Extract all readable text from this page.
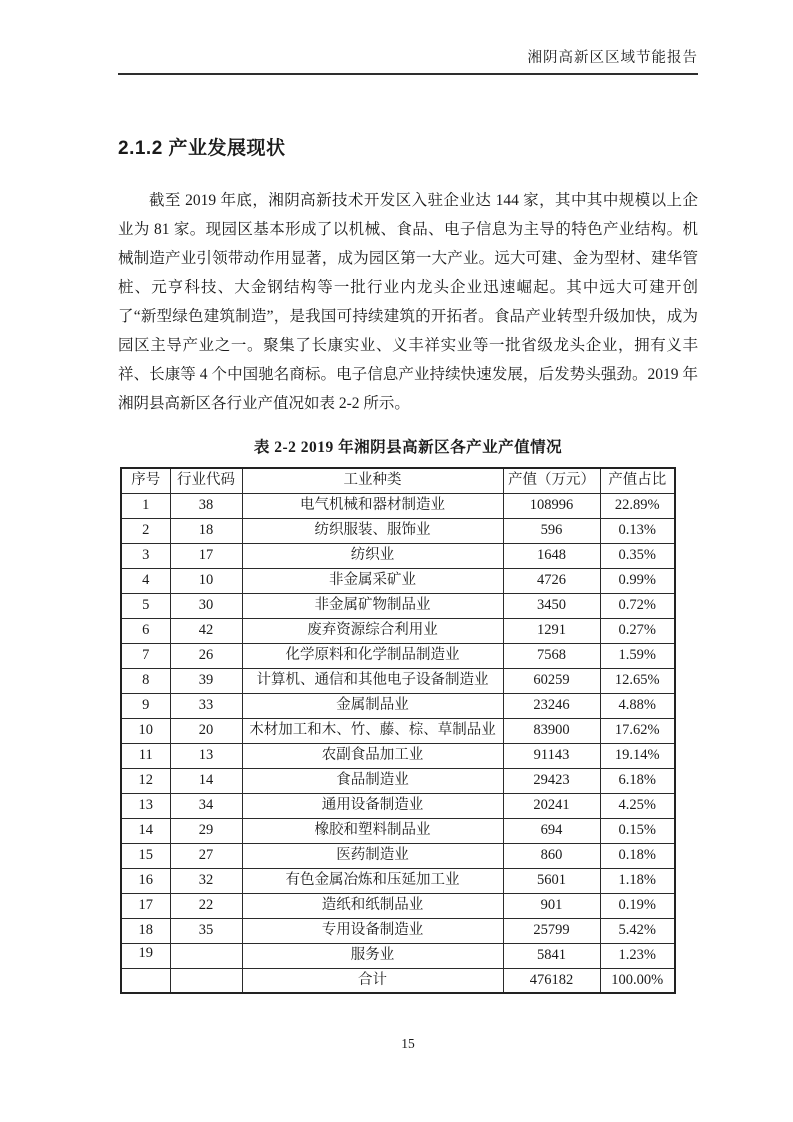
湘阴高新区区域节能报告
2.1.2 产业发展现状

截至 2019 年底，湘阴高新技术开发区入驻企业达 144 家，其中其中规模以上企业为 81 家。现园区基本形成了以机械、食品、电子信息为主导的特色产业结构。机械制造产业引领带动作用显著，成为园区第一大产业。远大可建、金为型材、建华管桩、元亨科技、大金钢结构等一批行业内龙头企业迅速崛起。其中远大可建开创了“新型绿色建筑制造”，是我国可持续建筑的开拓者。食品产业转型升级加快，成为园区主导产业之一。聚集了长康实业、义丰祥实业等一批省级龙头企业，拥有义丰祥、长康等 4 个中国驰名商标。电子信息产业持续快速发展，后发势头强劲。2019 年湘阴县高新区各行业产值况如表 2-2 所示。

表 2-2 2019 年湘阴县高新区各产业产值情况
序号	行业代码	工业种类	产值（万元）	产值占比
1	38	电气机械和器材制造业	108996	22.89%
2	18	纺织服装、服饰业	596	0.13%
3	17	纺织业	1648	0.35%
4	10	非金属采矿业	4726	0.99%
5	30	非金属矿物制品业	3450	0.72%
6	42	废弃资源综合利用业	1291	0.27%
7	26	化学原料和化学制品制造业	7568	1.59%
8	39	计算机、通信和其他电子设备制造业	60259	12.65%
9	33	金属制品业	23246	4.88%
10	20	木材加工和木、竹、藤、棕、草制品业	83900	17.62%
11	13	农副食品加工业	91143	19.14%
12	14	食品制造业	29423	6.18%
13	34	通用设备制造业	20241	4.25%
14	29	橡胶和塑料制品业	694	0.15%
15	27	医药制造业	860	0.18%
16	32	有色金属冶炼和压延加工业	5601	1.18%
17	22	造纸和纸制品业	901	0.19%
18	35	专用设备制造业	25799	5.42%
19		服务业	5841	1.23%
		合计	476182	100.00%
15
